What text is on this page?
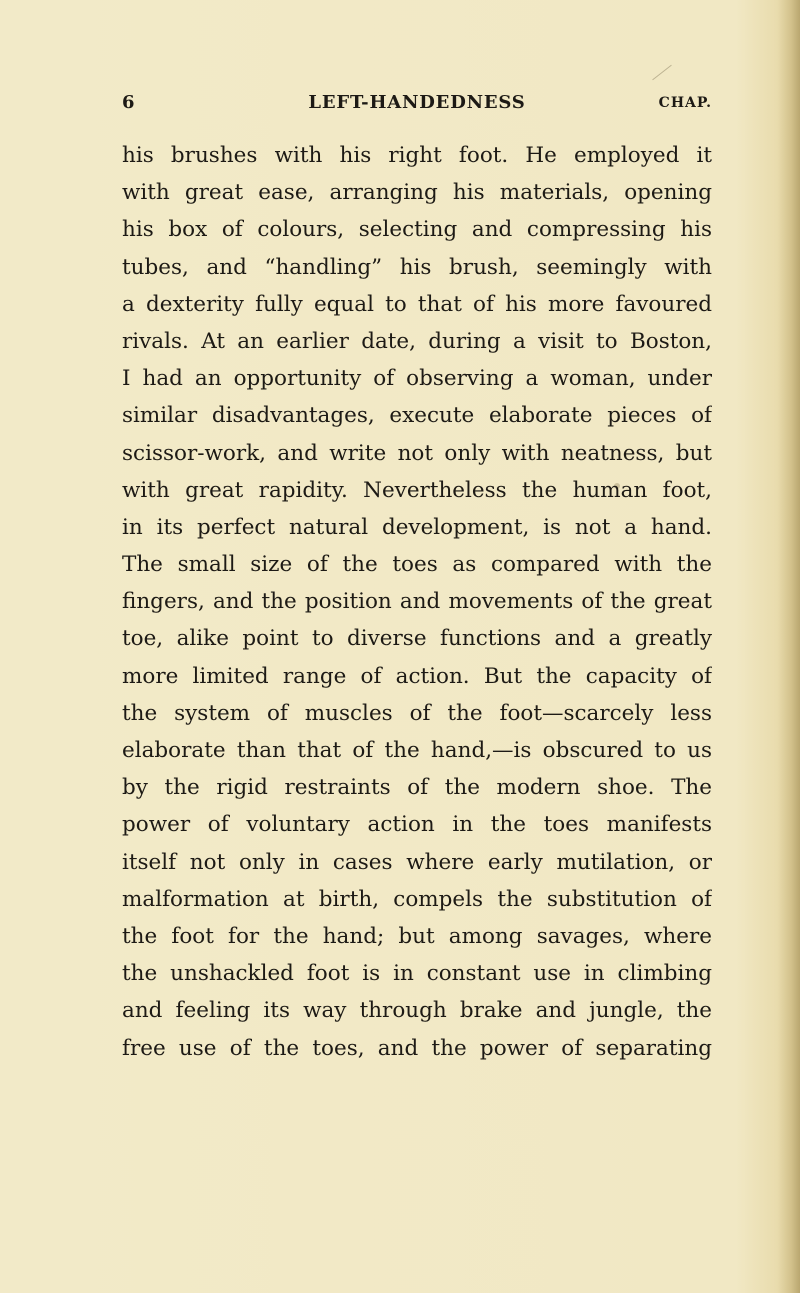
6	LEFT-HANDEDNESS	CHAP.
his brushes with his right foot. He employed it
with great ease, arranging his materials, opening
his box of colours, selecting and compressing his
tubes, and “handling” his brush, seemingly with
a dexterity fully equal to that of his more favoured
rivals. At an earlier date, during a visit to Boston,
I had an opportunity of observing a woman, under
similar disadvantages, execute elaborate pieces of
scissor-work, and write not only with neatness, but
with great rapidity. Nevertheless the human foot,
in its perfect natural development, is not a hand.
The small size of the toes as compared with the
fingers, and the position and movements of the great
toe, alike point to diverse functions and a greatly
more limited range of action. But the capacity of
the system of muscles of the foot—scarcely less
elaborate than that of the hand,—is obscured to us
by the rigid restraints of the modern shoe. The
power of voluntary action in the toes manifests
itself not only in cases where early mutilation, or
malformation at birth, compels the substitution of
the foot for the hand; but among savages, where
the unshackled foot is in constant use in climbing
and feeling its way through brake and jungle, the
free use of the toes, and the power of separating
